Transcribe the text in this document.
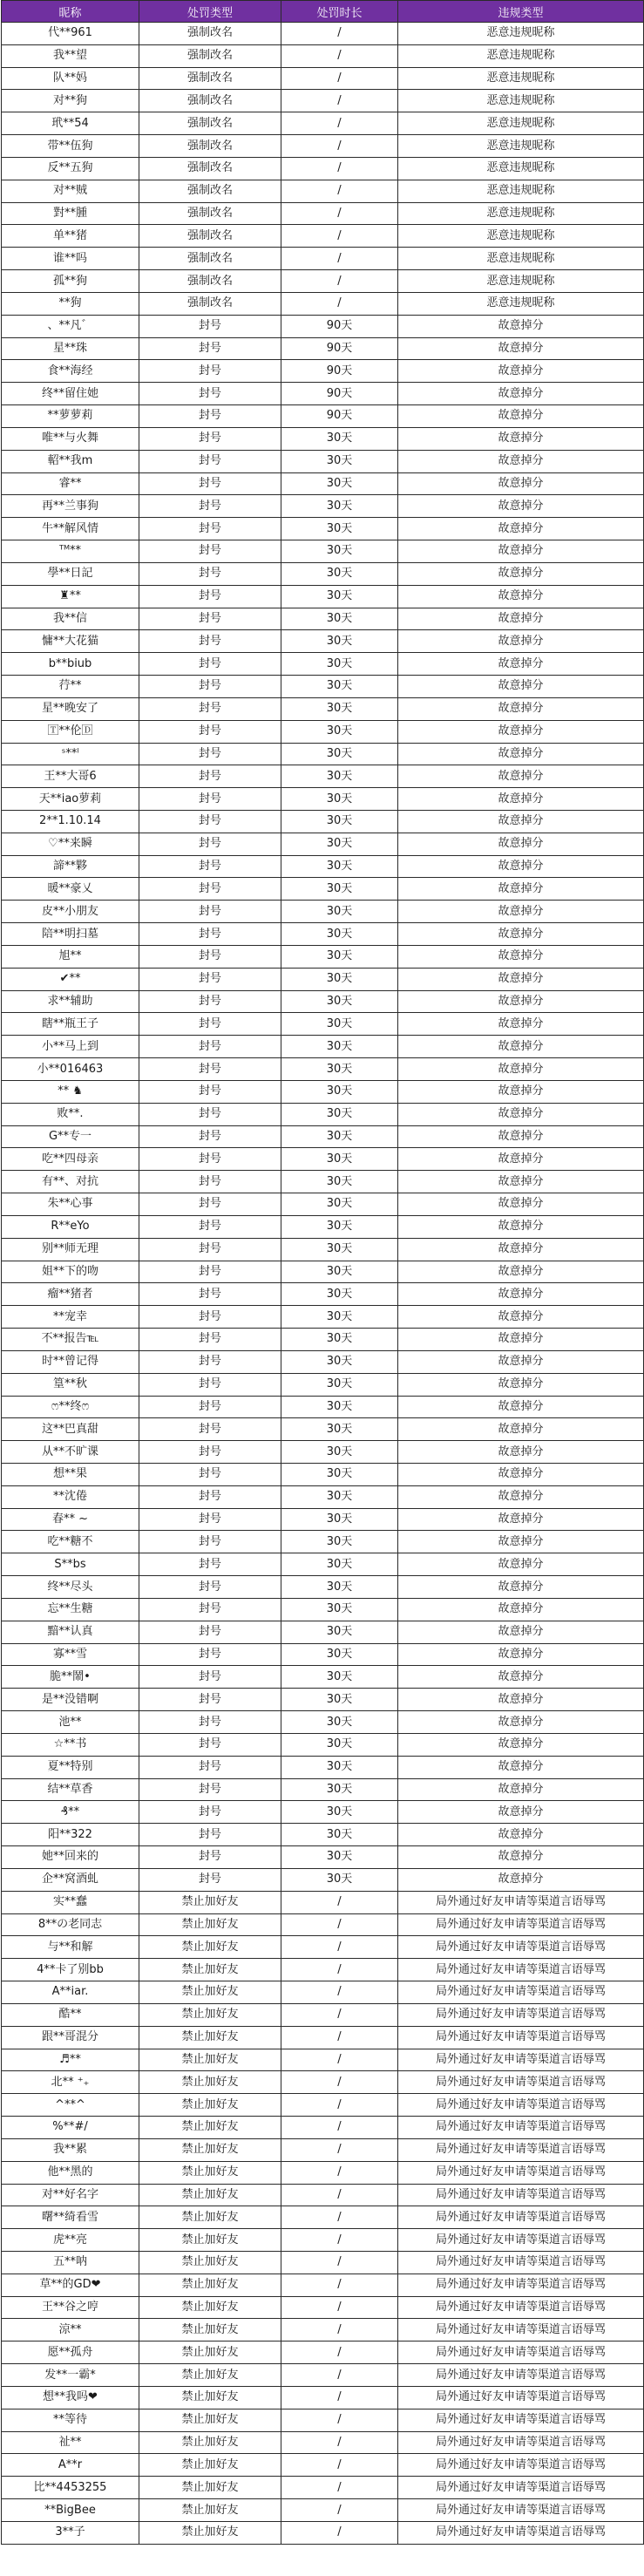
昵称	处罚类型	处罚时长	违规类型
代**961	强制改名	/	恶意违规昵称
我**望	强制改名	/	恶意违规昵称
队**妈	强制改名	/	恶意违规昵称
对**狗	强制改名	/	恶意违规昵称
玳**54	强制改名	/	恶意违规昵称
带**伍狗	强制改名	/	恶意违规昵称
反**五狗	强制改名	/	恶意违规昵称
对**贼	强制改名	/	恶意违规昵称
對**腫	强制改名	/	恶意违规昵称
单**猪	强制改名	/	恶意违规昵称
谁**吗	强制改名	/	恶意违规昵称
孤**狗	强制改名	/	恶意违规昵称
**狗	强制改名	/	恶意违规昵称
、**凡゛	封号	90天	故意掉分
星**珠	封号	90天	故意掉分
食**海经	封号	90天	故意掉分
终**留住她	封号	90天	故意掉分
**萝萝莉	封号	90天	故意掉分
唯**与火舞	封号	30天	故意掉分
軺**我m	封号	30天	故意掉分
睿**	封号	30天	故意掉分
再**兰事狗	封号	30天	故意掉分
牛**解风情	封号	30天	故意掉分
ᵀᴹ**	封号	30天	故意掉分
學**日記	封号	30天	故意掉分
♜**	封号	30天	故意掉分
我**信	封号	30天	故意掉分
慵**大花猫	封号	30天	故意掉分
b**biub	封号	30天	故意掉分
荇**	封号	30天	故意掉分
星**晚安了	封号	30天	故意掉分
🅃**伦🄳	封号	30天	故意掉分
ˢ**ˡ	封号	30天	故意掉分
王**大哥6	封号	30天	故意掉分
天**iao萝莉	封号	30天	故意掉分
2**1.10.14	封号	30天	故意掉分
♡**来瞬	封号	30天	故意掉分
諦**夥	封号	30天	故意掉分
暖**豪乂	封号	30天	故意掉分
皮**小朋友	封号	30天	故意掉分
陪**明扫墓	封号	30天	故意掉分
旭**	封号	30天	故意掉分
✔**	封号	30天	故意掉分
求**辅助	封号	30天	故意掉分
瞎**瓶王子	封号	30天	故意掉分
小**马上到	封号	30天	故意掉分
小**016463	封号	30天	故意掉分
** ♞	封号	30天	故意掉分
败**.	封号	30天	故意掉分
G**专一	封号	30天	故意掉分
吃**四母亲	封号	30天	故意掉分
有**、对抗	封号	30天	故意掉分
朱**心事	封号	30天	故意掉分
R**eYo	封号	30天	故意掉分
别**师无理	封号	30天	故意掉分
姐**下的吻	封号	30天	故意掉分
瘤**猪者	封号	30天	故意掉分
**宠幸	封号	30天	故意掉分
不**报告℡	封号	30天	故意掉分
时**曾记得	封号	30天	故意掉分
篁**秋	封号	30天	故意掉分
ෆ**终ෆ	封号	30天	故意掉分
这**巴真甜	封号	30天	故意掉分
从**不旷课	封号	30天	故意掉分
想**果	封号	30天	故意掉分
**沈倦	封号	30天	故意掉分
春** ~	封号	30天	故意掉分
吃**糖不	封号	30天	故意掉分
S**bs	封号	30天	故意掉分
终**尽头	封号	30天	故意掉分
忘**生糖	封号	30天	故意掉分
黯**认真	封号	30天	故意掉分
寡**雪	封号	30天	故意掉分
脆**鬧•	封号	30天	故意掉分
是**没错啊	封号	30天	故意掉分
池**	封号	30天	故意掉分
☆**书	封号	30天	故意掉分
夏**特别	封号	30天	故意掉分
结**草香	封号	30天	故意掉分
₰**	封号	30天	故意掉分
阳**322	封号	30天	故意掉分
她**回来的	封号	30天	故意掉分
企**窝酒虬	封号	30天	故意掉分
实**蠢	禁止加好友	/	局外通过好友申请等渠道言语辱骂
8**の老同志	禁止加好友	/	局外通过好友申请等渠道言语辱骂
与**和解	禁止加好友	/	局外通过好友申请等渠道言语辱骂
4**卡了别bb	禁止加好友	/	局外通过好友申请等渠道言语辱骂
A**iar.	禁止加好友	/	局外通过好友申请等渠道言语辱骂
酷**	禁止加好友	/	局外通过好友申请等渠道言语辱骂
跟**哥混分	禁止加好友	/	局外通过好友申请等渠道言语辱骂
♬**	禁止加好友	/	局外通过好友申请等渠道言语辱骂
北** ⁺₊	禁止加好友	/	局外通过好友申请等渠道言语辱骂
^**^	禁止加好友	/	局外通过好友申请等渠道言语辱骂
%**#/	禁止加好友	/	局外通过好友申请等渠道言语辱骂
我**累	禁止加好友	/	局外通过好友申请等渠道言语辱骂
他**黑的	禁止加好友	/	局外通过好友申请等渠道言语辱骂
对**好名字	禁止加好友	/	局外通过好友申请等渠道言语辱骂
曙**绮看雪	禁止加好友	/	局外通过好友申请等渠道言语辱骂
虎**亮	禁止加好友	/	局外通过好友申请等渠道言语辱骂
五**呐	禁止加好友	/	局外通过好友申请等渠道言语辱骂
草**的GD❤	禁止加好友	/	局外通过好友申请等渠道言语辱骂
王**谷之哼	禁止加好友	/	局外通过好友申请等渠道言语辱骂
涼**	禁止加好友	/	局外通过好友申请等渠道言语辱骂
愿**孤舟	禁止加好友	/	局外通过好友申请等渠道言语辱骂
发**一霸*	禁止加好友	/	局外通过好友申请等渠道言语辱骂
想**我吗❤	禁止加好友	/	局外通过好友申请等渠道言语辱骂
**等待	禁止加好友	/	局外通过好友申请等渠道言语辱骂
祉**	禁止加好友	/	局外通过好友申请等渠道言语辱骂
A**r	禁止加好友	/	局外通过好友申请等渠道言语辱骂
比**4453255	禁止加好友	/	局外通过好友申请等渠道言语辱骂
**BigBee	禁止加好友	/	局外通过好友申请等渠道言语辱骂
3**子	禁止加好友	/	局外通过好友申请等渠道言语辱骂
